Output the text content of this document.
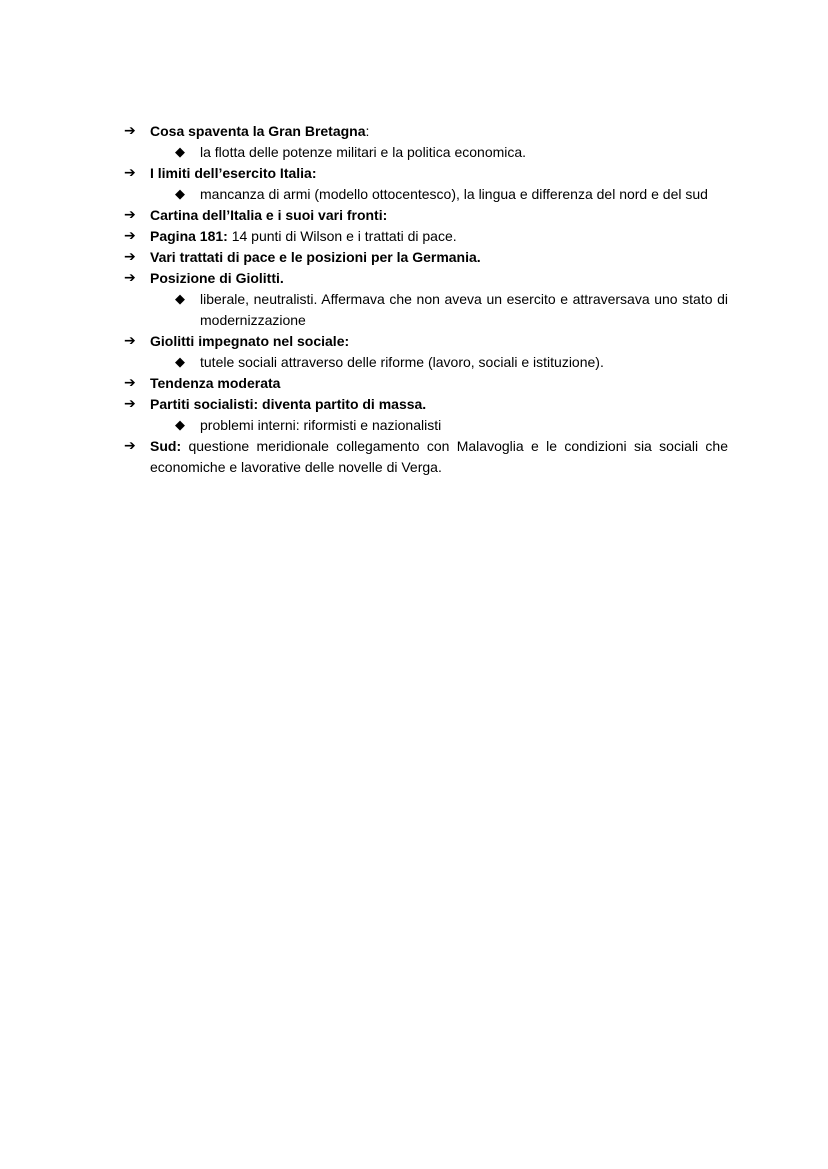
➔	Cosa spaventa la Gran Bretagna:
◆	la flotta delle potenze militari e la politica economica.
➔	I limiti dell’esercito Italia:
◆	mancanza di armi (modello ottocentesco), la lingua e differenza del nord e del sud
➔	Cartina dell’Italia e i suoi vari fronti:
➔	Pagina 181: 14 punti di Wilson e i trattati di pace.
➔	Vari trattati di pace e le posizioni per la Germania.
➔	Posizione di Giolitti.
◆	liberale, neutralisti. Affermava che non aveva un esercito e attraversava uno stato di modernizzazione
➔	Giolitti impegnato nel sociale:
◆	tutele sociali attraverso delle riforme (lavoro, sociali e istituzione).
➔	Tendenza moderata
➔	Partiti socialisti: diventa partito di massa.
◆	problemi interni: riformisti e nazionalisti
➔	Sud: questione meridionale collegamento con Malavoglia e le condizioni sia sociali che economiche e lavorative delle novelle di Verga.
